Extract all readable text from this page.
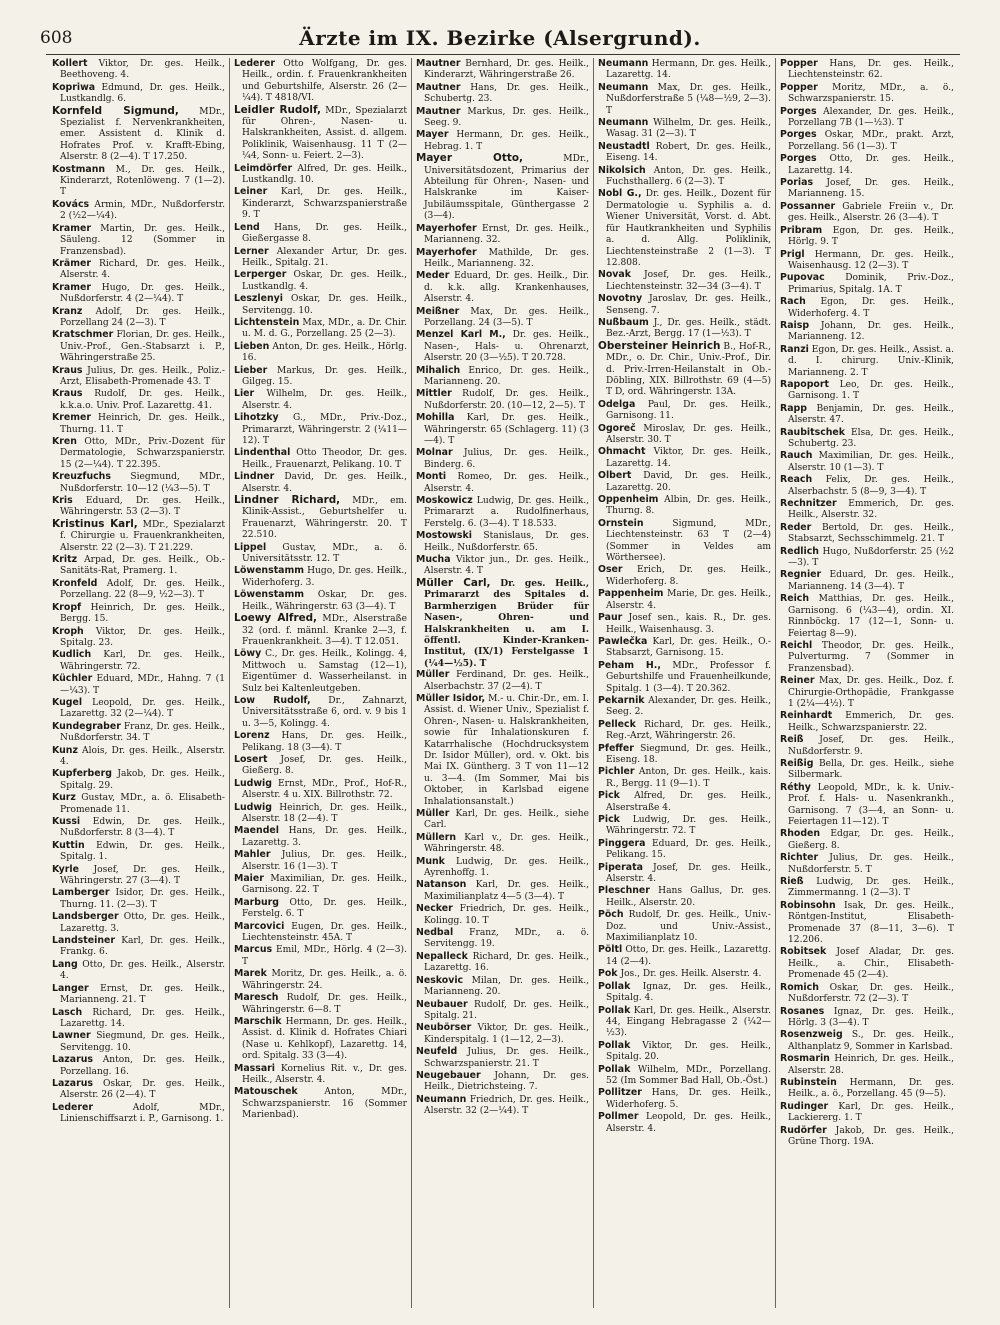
608	Ärzte im IX. Bezirke (Alsergrund).
Kollert Viktor, Dr. ges. Heilk., Beethoveng. 4.
Kopriwa Edmund, Dr. ges. Heilk., Lustkandlg. 6.
Kornfeld Sigmund, MDr., Spezialist f. Nervenkrankheiten, emer. Assistent d. Klinik d. Hofrates Prof. v. Krafft-Ebing, Alserstr. 8 (2—4). T 17.250.
Kostmann M., Dr. ges. Heilk., Kinderarzt, Rotenlöweng. 7 (1—2). T
Kovács Armin, MDr., Nußdorferstr. 2 (½2—¼4).
Kramer Martin, Dr. ges. Heilk., Säuleng. 12 (Sommer in Franzensbad).
Krämer Richard, Dr. ges. Heilk., Alserstr. 4.
Kramer Hugo, Dr. ges. Heilk., Nußdorferstr. 4 (2—¼4). T
Kranz Adolf, Dr. ges. Heilk., Porzellang 24 (2—3). T
Kratschmer Florian, Dr. ges. Heilk., Univ.-Prof., Gen.-Stabsarzt i. P., Währingerstraße 25.
Kraus Julius, Dr. ges. Heilk., Poliz.-Arzt, Elisabeth-Promenade 43. T
Kraus Rudolf, Dr. ges. Heilk., k.k.a.o. Univ. Prof. Lazarettg. 41.
Kremer Heinrich, Dr. ges. Heilk., Thurng. 11. T
Kren Otto, MDr., Priv.-Dozent für Dermatologie, Schwarzspanierstr. 15 (2—¼4). T 22.395.
Kreuzfuchs Siegmund, MDr., Nußdorferstr. 10—12 (¼3—5). T
Kris Eduard, Dr. ges. Heilk., Währingerstr. 53 (2—3). T
Kristinus Karl, MDr., Spezialarzt f. Chirurgie u. Frauenkrankheiten, Alserstr. 22 (2—3). T 21.229.
Kritz Arpad, Dr. ges. Heilk., Ob.-Sanitäts-Rat, Pramerg. 1.
Kronfeld Adolf, Dr. ges. Heilk., Porzellang. 22 (8—9, ½2—3). T
Kropf Heinrich, Dr. ges. Heilk., Bergg. 15.
Kroph Viktor, Dr. ges. Heilk., Spitalg. 23.
Kudlich Karl, Dr. ges. Heilk., Währingerstr. 72.
Küchler Eduard, MDr., Hahng. 7 (1—¼3). T
Kugel Leopold, Dr. ges. Heilk., Lazarettg. 32 (2—¼4). T
Kundegraber Franz, Dr. ges. Heilk., Nußdorferstr. 34. T
Kunz Alois, Dr. ges. Heilk., Alserstr. 4.
Kupferberg Jakob, Dr. ges. Heilk., Spitalg. 29.
Kurz Gustav, MDr., a. ö. Elisabeth-Promenade 11.
Kussi Edwin, Dr. ges. Heilk., Nußdorferstr. 8 (3—4). T
Kuttin Edwin, Dr. ges. Heilk., Spitalg. 1.
Kyrle Josef, Dr. ges. Heilk., Währingerstr. 27 (3—4). T
Lamberger Isidor, Dr. ges. Heilk., Thurng. 11. (2—3). T
Landsberger Otto, Dr. ges. Heilk., Lazarettg. 3.
Landsteiner Karl, Dr. ges. Heilk., Frankg. 6.
Lang Otto, Dr. ges. Heilk., Alserstr. 4.
Langer Ernst, Dr. ges. Heilk., Marianneng. 21. T
Lasch Richard, Dr. ges. Heilk., Lazarettg. 14.
Lawner Siegmund, Dr. ges. Heilk., Servitengg. 10.
Lazarus Anton, Dr. ges. Heilk., Porzellang. 16.
Lazarus Oskar, Dr. ges. Heilk., Alserstr. 26 (2—4). T
Lederer Adolf, MDr., Linienschiffsarzt i. P., Garnisong. 1.
Lederer Otto Wolfgang, Dr. ges. Heilk., ordin. f. Frauenkrankheiten und Geburtshilfe, Alserstr. 26 (2—¼4). T 4818/VI.
Leidler Rudolf, MDr., Spezialarzt für Ohren-, Nasen- u. Halskrankheiten, Assist. d. allgem. Poliklinik, Waisenhausg. 11 T (2—¼4, Sonn- u. Feiert. 2—3).
Leimdörfer Alfred, Dr. ges. Heilk., Lustkandlg. 10.
Leiner Karl, Dr. ges. Heilk., Kinderarzt, Schwarzspanierstraße 9. T
Lend Hans, Dr. ges. Heilk., Gießergasse 8.
Lerner Alexander Artur, Dr. ges. Heilk., Spitalg. 21.
Lerperger Oskar, Dr. ges. Heilk., Lustkandlg. 4.
Leszlenyi Oskar, Dr. ges. Heilk., Servitengg. 10.
Lichtenstein Max, MDr., a. Dr. Chir. u. M. d. G., Porzellang. 25 (2—3).
Lieben Anton, Dr. ges. Heilk., Hörlg. 16.
Lieber Markus, Dr. ges. Heilk., Gilgeg. 15.
Lier Wilhelm, Dr. ges. Heilk., Alserstr. 4.
Lihotzky G., MDr., Priv.-Doz., Primararzt, Währingerstr. 2 (¼11—12). T
Lindenthal Otto Theodor, Dr. ges. Heilk., Frauenarzt, Pelikang. 10. T
Lindner David, Dr. ges. Heilk., Alserstr. 4.
Lindner Richard, MDr., em. Klinik-Assist., Geburtshelfer u. Frauenarzt, Währingerstr. 20. T 22.510.
Lippel Gustav, MDr., a. ö. Universitätsstr. 12. T
Löwenstamm Hugo, Dr. ges. Heilk., Widerhoferg. 3.
Löwenstamm Oskar, Dr. ges. Heilk., Währingerstr. 63 (3—4). T
Loewy Alfred, MDr., Alserstraße 32 (ord. f. männl. Kranke 2—3, f. Frauenkrankheit. 3—4). T 12.051.
Löwy C., Dr. ges. Heilk., Kolingg. 4, Mittwoch u. Samstag (12—1), Eigentümer d. Wasserheilanst. in Sulz bei Kaltenleutgeben.
Low Rudolf, Dr., Zahnarzt, Universitätsstraße 6, ord. v. 9 bis 1 u. 3—5, Kolingg. 4.
Lorenz Hans, Dr. ges. Heilk., Pelikang. 18 (3—4). T
Losert Josef, Dr. ges. Heilk., Gießerg. 8.
Ludwig Ernst, MDr., Prof., Hof-R., Alserstr. 4 u. XIX. Billrothstr. 72.
Ludwig Heinrich, Dr. ges. Heilk., Alserstr. 18 (2—4). T
Maendel Hans, Dr. ges. Heilk., Lazarettg. 3.
Mahler Julius, Dr. ges. Heilk., Alserstr. 16 (1—3). T
Maier Maximilian, Dr. ges. Heilk., Garnisong. 22. T
Marburg Otto, Dr. ges. Heilk., Ferstelg. 6. T
Marcovici Eugen, Dr. ges. Heilk., Liechtensteinstr. 45A. T
Marcus Emil, MDr., Hörlg. 4 (2—3). T
Marek Moritz, Dr. ges. Heilk., a. ö. Währingerstr. 24.
Maresch Rudolf, Dr. ges. Heilk., Währingerstr. 6—8. T
Marschik Hermann, Dr. ges. Heilk., Assist. d. Klinik d. Hofrates Chiari (Nase u. Kehlkopf), Lazarettg. 14, ord. Spitalg. 33 (3—4).
Massari Kornelius Rit. v., Dr. ges. Heilk., Alserstr. 4.
Matouschek Anton, MDr., Schwarzspanierstr. 16 (Sommer Marienbad).
Mautner Bernhard, Dr. ges. Heilk., Kinderarzt, Währingerstraße 26.
Mautner Hans, Dr. ges. Heilk., Schubertg. 23.
Mautner Markus, Dr. ges. Heilk., Seeg. 9.
Mayer Hermann, Dr. ges. Heilk., Hebrag. 1. T
Mayer Otto, MDr., Universitätsdozent, Primarius der Abteilung für Ohren-, Nasen- und Halskranke im Kaiser-Jubiläumsspitale, Günthergasse 2 (3—4).
Mayerhofer Ernst, Dr. ges. Heilk., Marianneng. 32.
Mayerhofer Mathilde, Dr. ges. Heilk., Marianneng. 32.
Meder Eduard, Dr. ges. Heilk., Dir. d. k.k. allg. Krankenhauses, Alserstr. 4.
Meißner Max, Dr. ges. Heilk., Porzellang. 24 (3—5). T
Menzel Karl M., Dr. ges. Heilk., Nasen-, Hals- u. Ohrenarzt, Alserstr. 20 (3—½5). T 20.728.
Mihalich Enrico, Dr. ges. Heilk., Marianneng. 20.
Mittler Rudolf, Dr. ges. Heilk., Nußdorferstr. 20. (10—12, 2—5). T
Mohilla Karl, Dr. ges. Heilk., Währingerstr. 65 (Schlagerg. 11) (3—4). T
Molnar Julius, Dr. ges. Heilk., Binderg. 6.
Monti Romeo, Dr. ges. Heilk., Alserstr. 4.
Moskowicz Ludwig, Dr. ges. Heilk., Primararzt a. Rudolfinerhaus, Ferstelg. 6. (3—4). T 18.533.
Mostowski Stanislaus, Dr. ges. Heilk., Nußdorferstr. 65.
Mucha Viktor jun., Dr. ges. Heilk., Alserstr. 4. T
Müller Carl, Dr. ges. Heilk., Primararzt des Spitales d. Barmherzigen Brüder für Nasen-, Ohren- und Halskrankheiten u. am I. öffentl. Kinder-Kranken-Institut, (IX/1) Ferstelgasse 1 (¼4—½5). T
Müller Ferdinand, Dr. ges. Heilk., Alserbachstr. 37 (2—4). T
Müller Isidor, M.- u. Chir.-Dr., em. I. Assist. d. Wiener Univ., Spezialist f. Ohren-, Nasen- u. Halskrankheiten, sowie für Inhalationskuren f. Katarrhalische (Hochdrucksystem Dr. Isidor Müller), ord. v. Okt. bis Mai IX. Güntherg. 3 T von 11—12 u. 3—4. (Im Sommer, Mai bis Oktober, in Karlsbad eigene Inhalationsanstalt.)
Müller Karl, Dr. ges. Heilk., siehe Carl.
Müllern Karl v., Dr. ges. Heilk., Währingerstr. 48.
Munk Ludwig, Dr. ges. Heilk., Ayrenhoffg. 1.
Natanson Karl, Dr. ges. Heilk., Maximilianplatz 4—5 (3—4). T
Necker Friedrich, Dr. ges. Heilk., Kolingg. 10. T
Nedbal Franz, MDr., a. ö. Servitengg. 19.
Nepalleck Richard, Dr. ges. Heilk., Lazarettg. 16.
Neskovic Milan, Dr. ges. Heilk., Marianneng. 20.
Neubauer Rudolf, Dr. ges. Heilk., Spitalg. 21.
Neubörser Viktor, Dr. ges. Heilk., Kinderspitalg. 1 (1—12, 2—3).
Neufeld Julius, Dr. ges. Heilk., Schwarzspanierstr. 21. T
Neugebauer Johann, Dr. ges. Heilk., Dietrichsteing. 7.
Neumann Friedrich, Dr. ges. Heilk., Alserstr. 32 (2—¼4). T
Neumann Hermann, Dr. ges. Heilk., Lazarettg. 14.
Neumann Max, Dr. ges. Heilk., Nußdorferstraße 5 (¼8—½9, 2—3). T
Neumann Wilhelm, Dr. ges. Heilk., Wasag. 31 (2—3). T
Neustadtl Robert, Dr. ges. Heilk., Eiseng. 14.
Nikolsich Anton, Dr. ges. Heilk., Fuchsthallerg. 6 (2—3). T
Nobl G., Dr. ges. Heilk., Dozent für Dermatologie u. Syphilis a. d. Wiener Universität, Vorst. d. Abt. für Hautkrankheiten und Syphilis a. d. Allg. Poliklinik, Liechtensteinstraße 2 (1—3). T 12.808.
Novak Josef, Dr. ges. Heilk., Liechtensteinstr. 32—34 (3—4). T
Novotny Jaroslav, Dr. ges. Heilk., Senseng. 7.
Nußbaum J., Dr. ges. Heilk., städt. Bez.-Arzt, Bergg. 17 (1—½3). T
Obersteiner Heinrich B., Hof-R., MDr., o. Dr. Chir., Univ.-Prof., Dir. d. Priv.-Irren-Heilanstalt in Ob.-Döbling, XIX. Billrothstr. 69 (4—5) T D, ord. Währingerstr. 13A.
Odelga Paul, Dr. ges. Heilk., Garnisong. 11.
Ogoreč Miroslav, Dr. ges. Heilk., Alserstr. 30. T
Ohmacht Viktor, Dr. ges. Heilk., Lazarettg. 14.
Olbert David, Dr. ges. Heilk., Lazarettg. 20.
Oppenheim Albin, Dr. ges. Heilk., Thurng. 8.
Ornstein Sigmund, MDr., Liechtensteinstr. 63 T (2—4) (Sommer in Veldes am Wörthersee).
Oser Erich, Dr. ges. Heilk., Widerhoferg. 8.
Pappenheim Marie, Dr. ges. Heilk., Alserstr. 4.
Paur Josef sen., kais. R., Dr. ges. Heilk., Waisenhausg. 3.
Pawlečka Karl, Dr. ges. Heilk., O.-Stabsarzt, Garnisong. 15.
Peham H., MDr., Professor f. Geburtshilfe und Frauenheilkunde, Spitalg. 1 (3—4). T 20.362.
Pekarnik Alexander, Dr. ges. Heilk., Seeg. 2.
Pelleck Richard, Dr. ges. Heilk., Reg.-Arzt, Währingerstr. 26.
Pfeffer Siegmund, Dr. ges. Heilk., Eiseng. 18.
Pichler Anton, Dr. ges. Heilk., kais. R., Bergg. 11 (9—1). T
Pick Alfred, Dr. ges. Heilk., Alserstraße 4.
Pick Ludwig, Dr. ges. Heilk., Währingerstr. 72. T
Pinggera Eduard, Dr. ges. Heilk., Pelikang. 15.
Piperata Josef, Dr. ges. Heilk., Alserstr. 4.
Pleschner Hans Gallus, Dr. ges. Heilk., Alserstr. 20.
Pöch Rudolf, Dr. ges. Heilk., Univ.-Doz. und Univ.-Assist., Maximilianplatz 10.
Pöltl Otto, Dr. ges. Heilk., Lazarettg. 14 (2—4).
Pok Jos., Dr. ges. Heilk. Alserstr. 4.
Pollak Ignaz, Dr. ges. Heilk., Spitalg. 4.
Pollak Karl, Dr. ges. Heilk., Alserstr. 44, Eingang Hebragasse 2 (¼2—½3).
Pollak Viktor, Dr. ges. Heilk., Spitalg. 20.
Pollak Wilhelm, MDr., Porzellang. 52 (Im Sommer Bad Hall, Ob.-Öst.)
Pollitzer Hans, Dr. ges. Heilk., Widerhoferg. 5.
Pollmer Leopold, Dr. ges. Heilk., Alserstr. 4.
Popper Hans, Dr. ges. Heilk., Liechtensteinstr. 62.
Popper Moritz, MDr., a. ö., Schwarzspanierstr. 15.
Porges Alexander, Dr. ges. Heilk., Porzellang 7B (1—½3). T
Porges Oskar, MDr., prakt. Arzt, Porzellang. 56 (1—3). T
Porges Otto, Dr. ges. Heilk., Lazarettg. 14.
Porias Josef, Dr. ges. Heilk., Marianneng. 15.
Possanner Gabriele Freiin v., Dr. ges. Heilk., Alserstr. 26 (3—4). T
Pribram Egon, Dr. ges. Heilk., Hörlg. 9. T
Prigl Hermann, Dr. ges. Heilk., Waisenhausg. 12 (2—3). T
Pupovac Dominik, Priv.-Doz., Primarius, Spitalg. 1A. T
Rach Egon, Dr. ges. Heilk., Widerhoferg. 4. T
Raisp Johann, Dr. ges. Heilk., Marianneng. 12.
Ranzi Egon, Dr. ges. Heilk., Assist. a. d. I. chirurg. Univ.-Klinik, Marianneng. 2. T
Rapoport Leo, Dr. ges. Heilk., Garnisong. 1. T
Rapp Benjamin, Dr. ges. Heilk., Alserstr. 47.
Raubitschek Elsa, Dr. ges. Heilk., Schubertg. 23.
Rauch Maximilian, Dr. ges. Heilk., Alserstr. 10 (1—3). T
Reach Felix, Dr. ges. Heilk., Alserbachstr. 5 (8—9, 3—4). T
Rechnitzer Emmerich, Dr. ges. Heilk., Alserstr. 32.
Reder Bertold, Dr. ges. Heilk., Stabsarzt, Sechsschimmelg. 21. T
Redlich Hugo, Nußdorferstr. 25 (½2—3). T
Regnier Eduard, Dr. ges. Heilk., Marianneng. 14 (3—4). T
Reich Matthias, Dr. ges. Heilk., Garnisong. 6 (¼3—4), ordin. XI. Rinnböckg. 17 (12—1, Sonn- u. Feiertag 8—9).
Reichl Theodor, Dr. ges. Heilk., Pulverturmg. 7 (Sommer in Franzensbad).
Reiner Max, Dr. ges. Heilk., Doz. f. Chirurgie-Orthopädie, Frankgasse 1 (2¼—4½). T
Reinhardt Emmerich, Dr. ges. Heilk., Schwarzspanierstr. 22.
Reiß Josef, Dr. ges. Heilk., Nußdorferstr. 9.
Reißig Bella, Dr. ges. Heilk., siehe Silbermark.
Réthy Leopold, MDr., k. k. Univ.-Prof. f. Hals- u. Nasenkrankh., Garnisong. 7 (3—4, an Sonn- u. Feiertagen 11—12). T
Rhoden Edgar, Dr. ges. Heilk., Gießerg. 8.
Richter Julius, Dr. ges. Heilk., Nußdorferstr. 5. T
Rieß Ludwig, Dr. ges. Heilk., Zimmermanng. 1 (2—3). T
Robinsohn Isak, Dr. ges. Heilk., Röntgen-Institut, Elisabeth-Promenade 37 (8—11, 3—6). T 12.206.
Robitsek Josef Aladar, Dr. ges. Heilk., a. Chir., Elisabeth-Promenade 45 (2—4).
Romich Oskar, Dr. ges. Heilk., Nußdorferstr. 72 (2—3). T
Rosanes Ignaz, Dr. ges. Heilk., Hörlg. 3 (3—4). T
Rosenzweig S., Dr. ges. Heilk., Althanplatz 9, Sommer in Karlsbad.
Rosmarin Heinrich, Dr. ges. Heilk., Alserstr. 28.
Rubinstein Hermann, Dr. ges. Heilk., a. ö., Porzellang. 45 (9—5).
Rudinger Karl, Dr. ges. Heilk., Lackiererg. 1. T
Rudörfer Jakob, Dr. ges. Heilk., Grüne Thorg. 19A.
